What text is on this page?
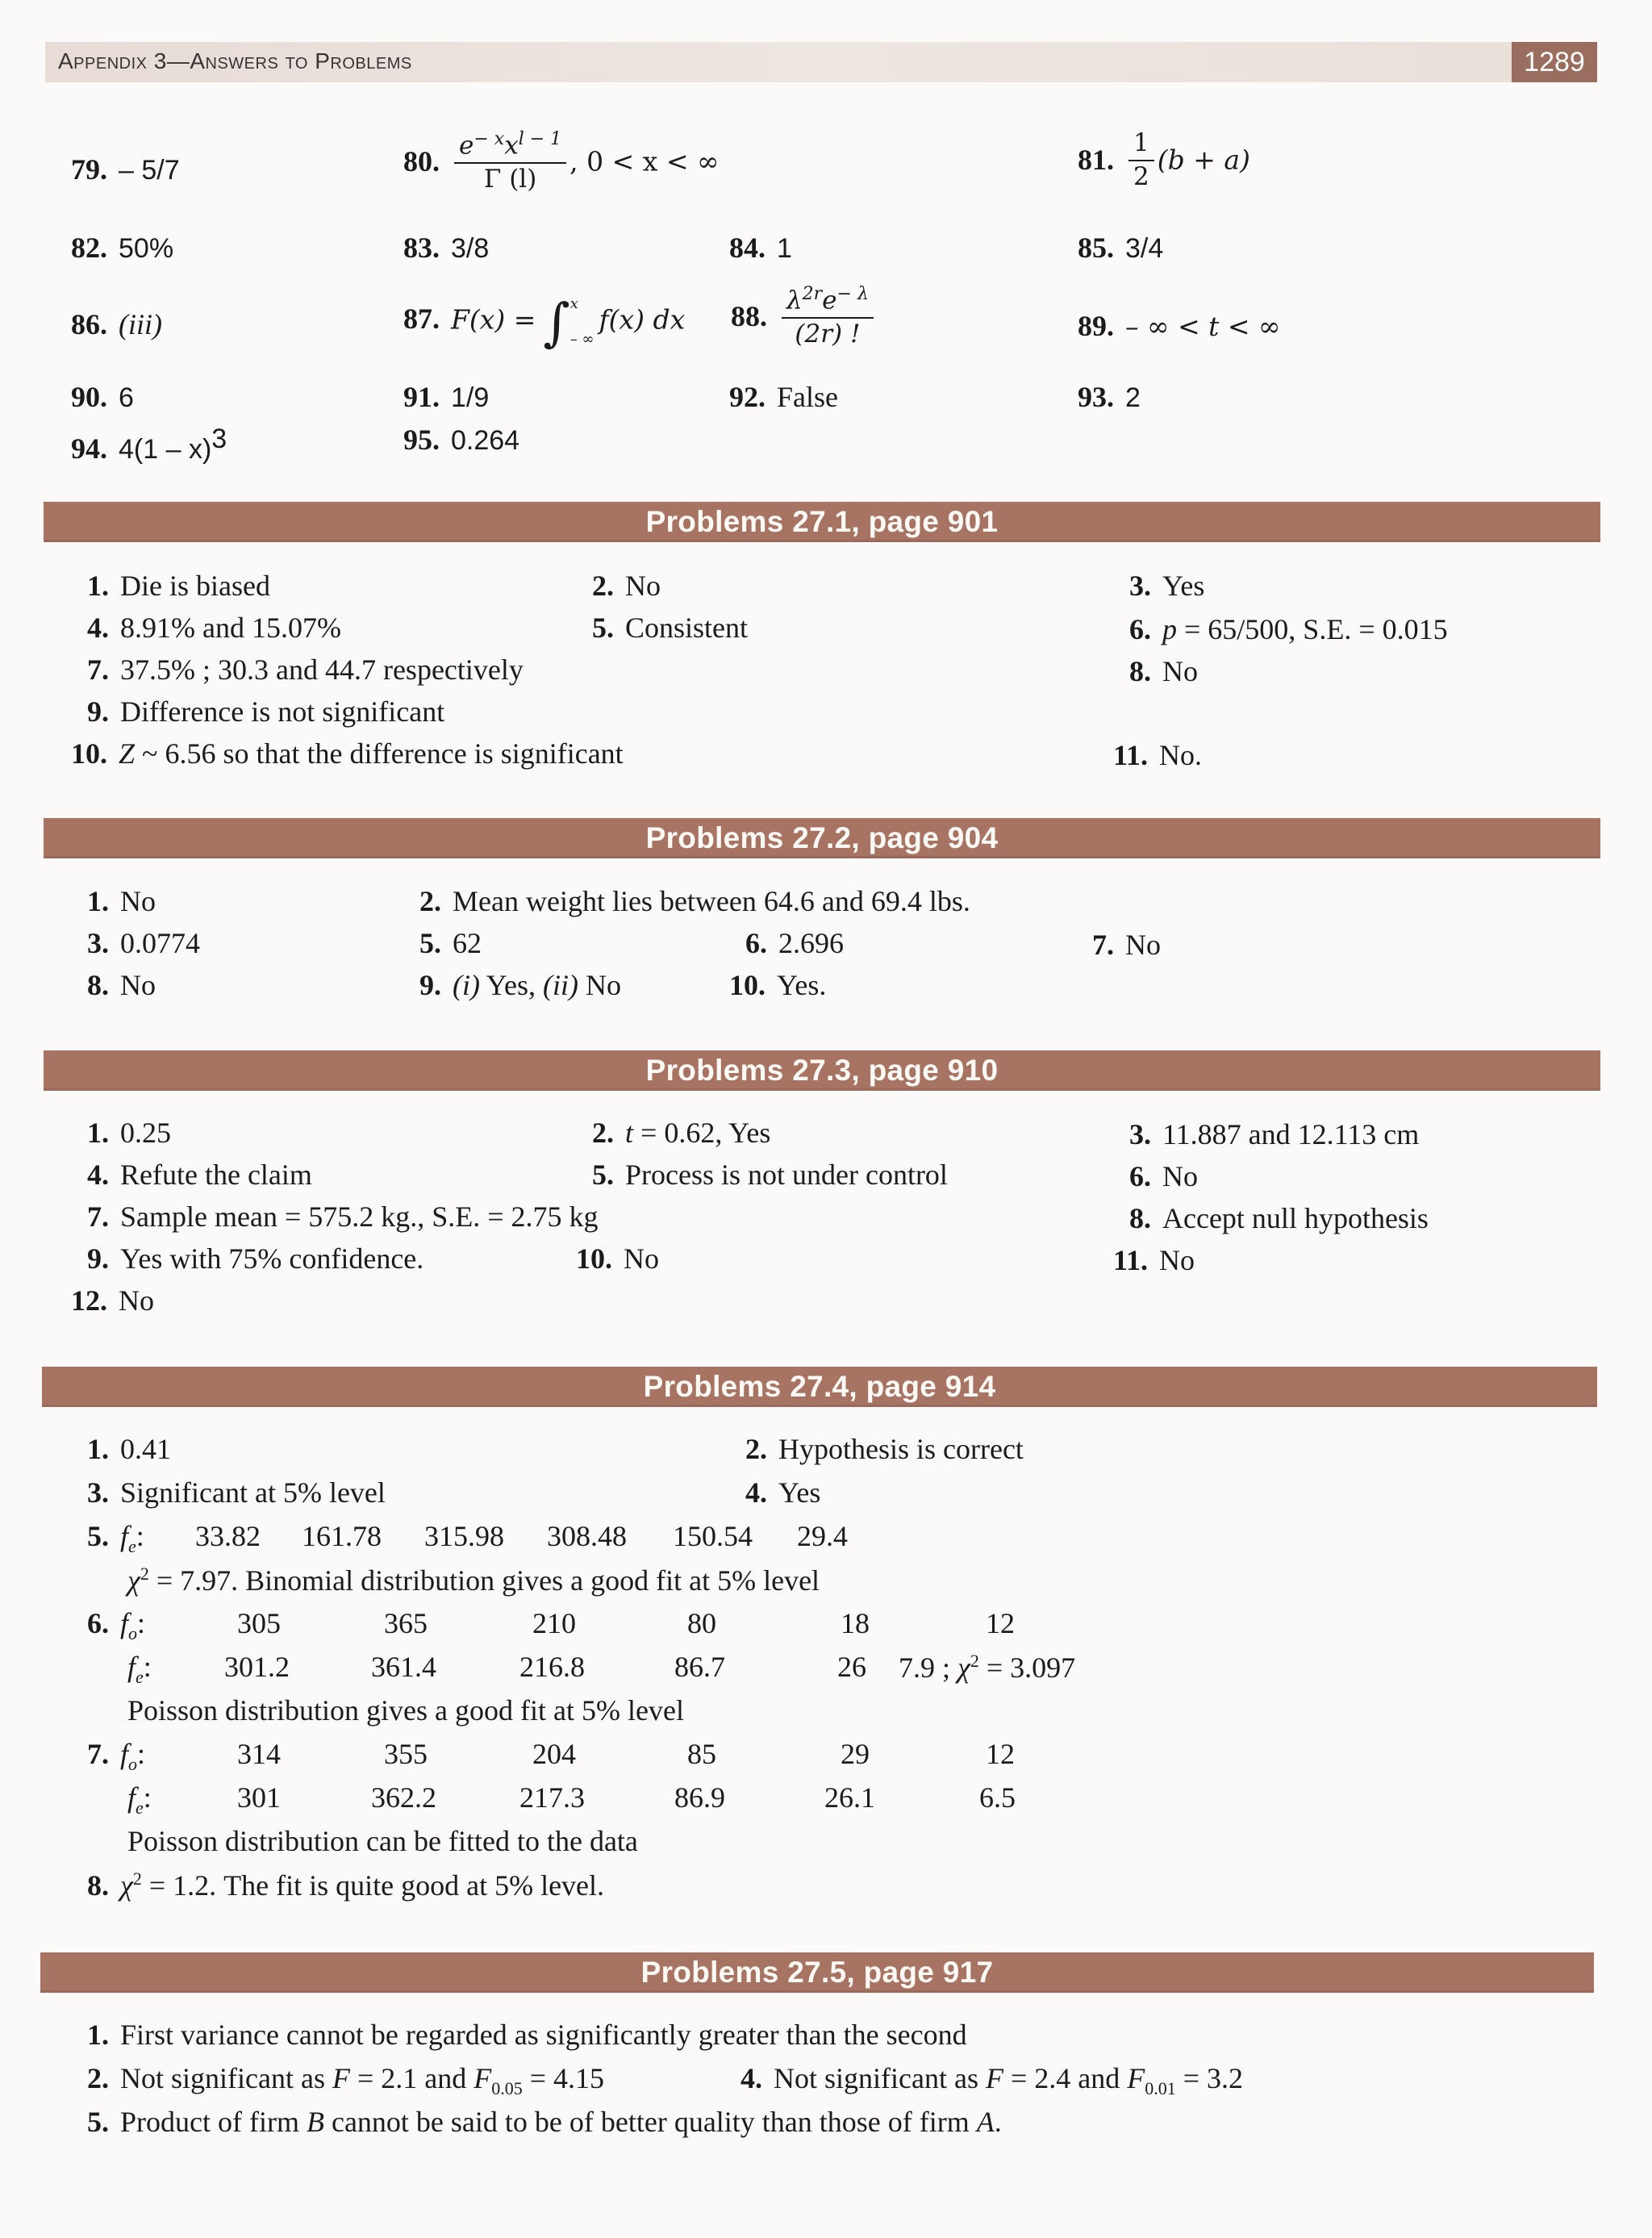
Appendix 3—Answers to Problems	1289
79. – 5/7	80. $\frac{e^{- x}x^{l - 1}}{\Gamma (l)}$ , 0 < x < ∞	81. $\frac{1}{2} (b + a)$
82. 50%	83. 3/8	84. 1	85. 3/4
86. (iii)	87. F(x) = ∫ x
– ∞
f(x) dx 88. $\frac{\lambda^{2r}e^{- \lambda}}{(2r) !}$	89. – ∞ < t < ∞
90. 6	91. 1/9	92. False	93. 2
94. 4(1 – x)$^3$	95. 0.264
Problems 27.1, page 901
1. Die is biased	2. No	3. Yes
4. 8.91% and 15.07%	5. Consistent	6. p = 65/500, S.E. = 0.015
7. 37.5% ; 30.3 and 44.7 respectively	8. No
9. Difference is not significant
10. Z ~ 6.56 so that the difference is significant	11. No.
Problems 27.2, page 904
1. No	2. Mean weight lies between 64.6 and 69.4 lbs.
3. 0.0774	5. 62	6. 2.696	7. No
8. No	9. (i) Yes, (ii) No	10. Yes.
Problems 27.3, page 910
1. 0.25	2. t = 0.62, Yes	3. 11.887 and 12.113 cm
4. Refute the claim	5. Process is not under control	6. No
7. Sample mean = 575.2 kg., S.E. = 2.75 kg	8. Accept null hypothesis
9. Yes with 75% confidence.	10. No	11. No
12. No
Problems 27.4, page 914
1. 0.41	2. Hypothesis is correct
3. Significant at 5% level	4. Yes
5. $f_e$: 33.82 161.78 315.98 308.48 150.54 29.4
$\chi^2 = 7.97$. Binomial distribution gives a good fit at 5% level
6. $f_o$:	305	365	210	80	18	12
$f_e$:	301.2	361.4	216.8	86.7	26 7.9 ; $\chi^2 = 3.097$
Poisson distribution gives a good fit at 5% level
7. $f_o$:	314	355	204	85	29	12
$f_e$:	301	362.2	217.3	86.9	26.1	6.5
Poisson distribution can be fitted to the data
8. $\chi^2 = 1.2$. The fit is quite good at 5% level.
Problems 27.5, page 917
1. First variance cannot be regarded as significantly greater than the second
2. Not significant as F = 2.1 and $F_{0.05} = 4.15$	4. Not significant as F = 2.4 and $F_{0.01} = 3.2$
5. Product of firm B cannot be said to be of better quality than those of firm A.
